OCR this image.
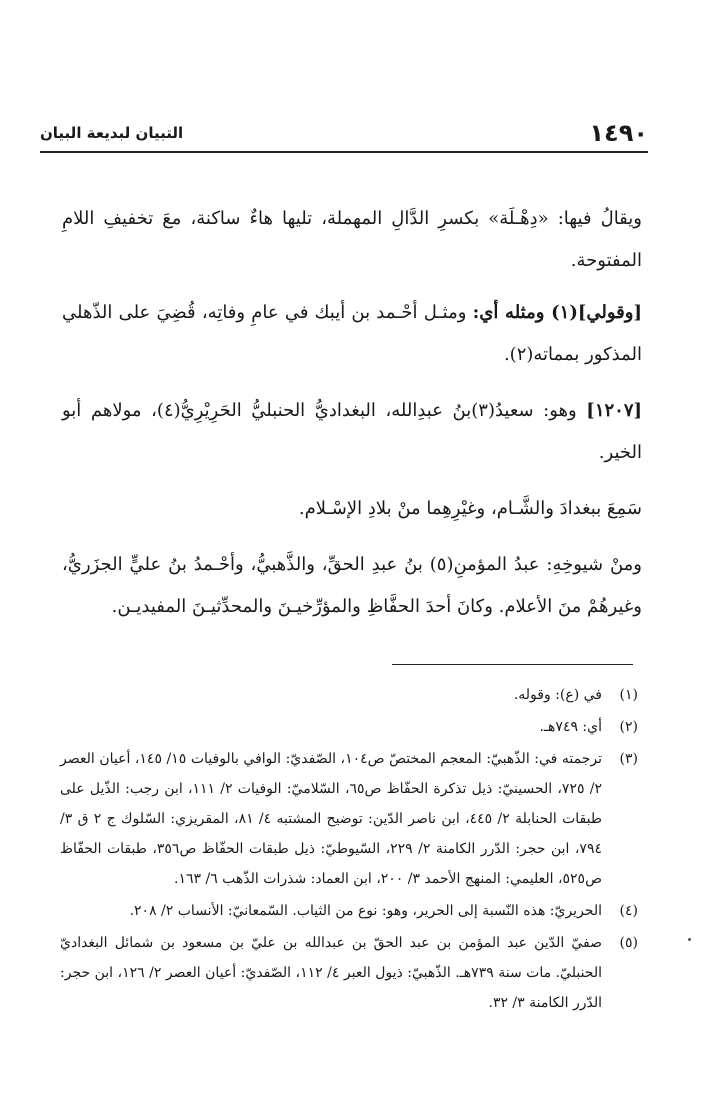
١٤٩٠
التبيان لبديعة البيان

ويقالُ فيها: «دِهْـلَة» بكسرِ الدَّالِ المهملة، تليها هاءٌ ساكنة، معَ تخفيفِ اللامِ المفتوحة.

[وقولي](١) ومثله أي: ومثـل أحْـمد بن أيبك في عامِ وفاتِه، قُضِيَ على الذّهلي المذكور بمماته(٢).

[١٢٠٧] وهو: سعيدُ(٣)بنُ عبدِالله، البغداديُّ الحنبليُّ الحَرِيْرِيُّ(٤)، مولاهم أبو الخير.

سَمِعَ ببغدادَ والشَّـام، وغيْرِهِما منْ بلادِ الإسْـلام.

ومنْ شيوخِهِ: عبدُ المؤمنِ(٥) بنُ عبدِ الحقِّ، والذَّهبيُّ، وأحْـمدُ بنُ عليٍّ الجزَريُّ، وغيرهُمْ منَ الأعلام. وكانَ أحدَ الحفَّاظِ والمؤرِّخيـنَ والمحدِّثيـنَ المفيديـن.

(١)
في (ع): وقوله.
(٢)
أي: ٧٤٩هـ.
(٣)
ترجمته في: الذّهبيّ: المعجم المختصّ ص١٠٤، الصّفديّ: الوافي بالوفيات ١٥/ ١٤٥، أعيان العصر ٢/ ٧٢٥، الحسينيّ: ذيل تذكرة الحفّاظ ص٦٥، السّلاميّ: الوفيات ٢/ ١١١، ابن رجب: الذّيل على طبقات الحنابلة ٢/ ٤٤٥، ابن ناصر الدّين: توضيح المشتبه ٤/ ٨١، المقريزي: السّلوك ج ٢ ق ٣/ ٧٩٤، ابن حجر: الدّرر الكامنة ٢/ ٢٢٩، السّيوطيّ: ذيل طبقات الحفّاظ ص٣٥٦، طبقات الحفّاظ ص٥٢٥، العليمي: المنهج الأحمد ٣/ ٢٠٠، ابن العماد: شذرات الذّهب ٦/ ١٦٣.
(٤)
الحريريّ: هذه النّسبة إلى الحرير، وهو: نوع من الثياب. السّمعانيّ: الأنساب ٢/ ٢٠٨.
(٥)
صفيّ الدّين عبد المؤمن بن عبد الحقّ بن عبدالله بن عليّ بن مسعود بن شمائل البغداديّ الحنبليّ. مات سنة ٧٣٩هـ. الذّهبيّ: ذيول العبر ٤/ ١١٢، الصّفديّ: أعيان العصر ٢/ ١٢٦، ابن حجر: الدّرر الكامنة ٣/ ٣٢.
